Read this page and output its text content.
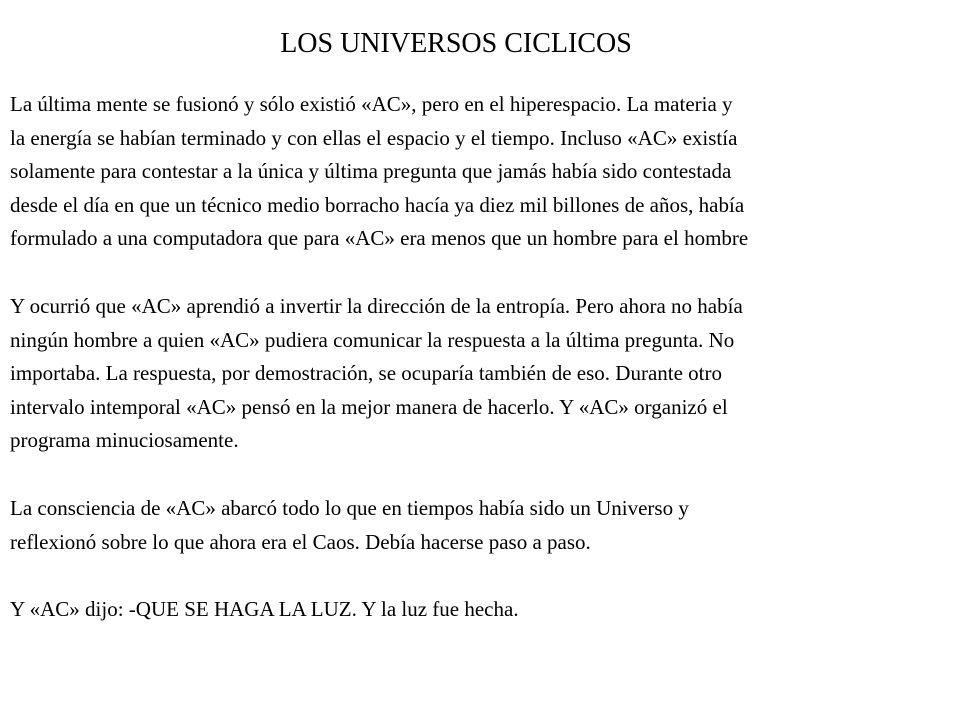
LOS UNIVERSOS CICLICOS

La última mente se fusionó y sólo existió «AC», pero en el hiperespacio. La materia y
la energía se habían terminado y con ellas el espacio y el tiempo. Incluso «AC» existía
solamente para contestar a la única y última pregunta que jamás había sido contestada
desde el día en que un técnico medio borracho hacía ya diez mil billones de años, había
formulado a una computadora que para «AC» era menos que un hombre para el hombre

Y ocurrió que «AC» aprendió a invertir la dirección de la entropía. Pero ahora no había
ningún hombre a quien «AC» pudiera comunicar la respuesta a la última pregunta. No
importaba. La respuesta, por demostración, se ocuparía también de eso. Durante otro
intervalo intemporal «AC» pensó en la mejor manera de hacerlo. Y «AC» organizó el
programa minuciosamente.

La consciencia de «AC» abarcó todo lo que en tiempos había sido un Universo y
reflexionó sobre lo que ahora era el Caos. Debía hacerse paso a paso.

Y «AC» dijo: -QUE SE HAGA LA LUZ. Y la luz fue hecha.
